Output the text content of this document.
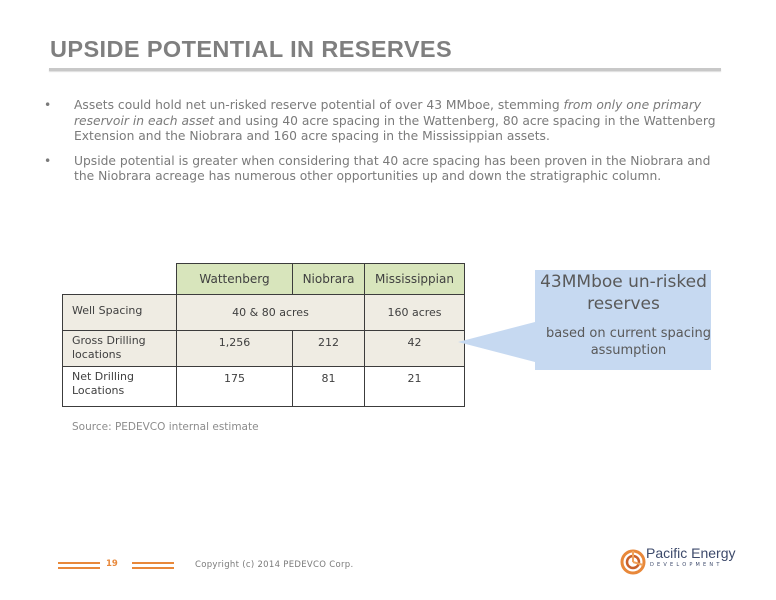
UPSIDE POTENTIAL IN RESERVES
• Assets could hold net un-risked reserve potential of over 43 MMboe, stemming from only one primary reservoir in each asset and using 40 acre spacing in the Wattenberg, 80 acre spacing in the Wattenberg Extension and the Niobrara and 160 acre spacing in the Mississippian assets.
• Upside potential is greater when considering that 40 acre spacing has been proven in the Niobrara and the Niobrara acreage has numerous other opportunities up and down the stratigraphic column.
	Wattenberg	Niobrara	Mississippian
Well Spacing	40 & 80 acres		160 acres
Gross Drilling locations	1,256	212	42
Net Drilling Locations	175	81	21
Source: PEDEVCO internal estimate
43MMboe un-risked reserves
based on current spacing assumption
19	Copyright (c) 2014 PEDEVCO Corp.
Pacific Energy
DEVELOPMENT
